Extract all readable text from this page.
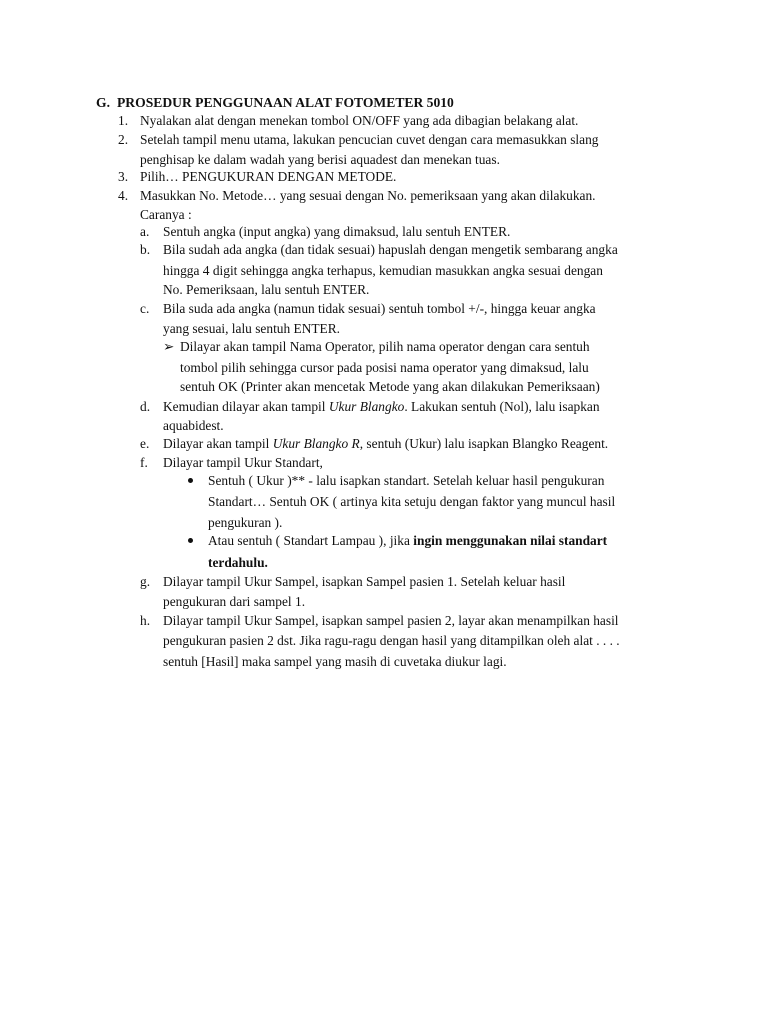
G. PROSEDUR PENGGUNAAN ALAT FOTOMETER 5010
1. Nyalakan alat dengan menekan tombol ON/OFF yang ada dibagian belakang alat.
2. Setelah tampil menu utama, lakukan pencucian cuvet dengan cara memasukkan slang
penghisap ke dalam wadah yang berisi aquadest dan menekan tuas.
3. Pilih… PENGUKURAN DENGAN METODE.
4. Masukkan No. Metode… yang sesuai dengan No. pemeriksaan yang akan dilakukan.
Caranya :
a. Sentuh angka (input angka) yang dimaksud, lalu sentuh ENTER.
b. Bila sudah ada angka (dan tidak sesuai) hapuslah dengan mengetik sembarang angka
hingga 4 digit sehingga angka terhapus, kemudian masukkan angka sesuai dengan
No. Pemeriksaan, lalu sentuh ENTER.
c. Bila suda ada angka (namun tidak sesuai) sentuh tombol +/-, hingga keuar angka
yang sesuai, lalu sentuh ENTER.
➢ Dilayar akan tampil Nama Operator, pilih nama operator dengan cara sentuh
tombol pilih sehingga cursor pada posisi nama operator yang dimaksud, lalu
sentuh OK (Printer akan mencetak Metode yang akan dilakukan Pemeriksaan)
d. Kemudian dilayar akan tampil Ukur Blangko. Lakukan sentuh (Nol), lalu isapkan
aquabidest.
e. Dilayar akan tampil Ukur Blangko R, sentuh (Ukur) lalu isapkan Blangko Reagent.
f. Dilayar tampil Ukur Standart,
Sentuh ( Ukur )** - lalu isapkan standart. Setelah keluar hasil pengukuran
Standart… Sentuh OK ( artinya kita setuju dengan faktor yang muncul hasil
pengukuran ).
Atau sentuh ( Standart Lampau ), jika ingin menggunakan nilai standart
terdahulu.
g. Dilayar tampil Ukur Sampel, isapkan Sampel pasien 1. Setelah keluar hasil
pengukuran dari sampel 1.
h. Dilayar tampil Ukur Sampel, isapkan sampel pasien 2, layar akan menampilkan hasil
pengukuran pasien 2 dst. Jika ragu-ragu dengan hasil yang ditampilkan oleh alat . . . .
sentuh [Hasil] maka sampel yang masih di cuvetaka diukur lagi.
